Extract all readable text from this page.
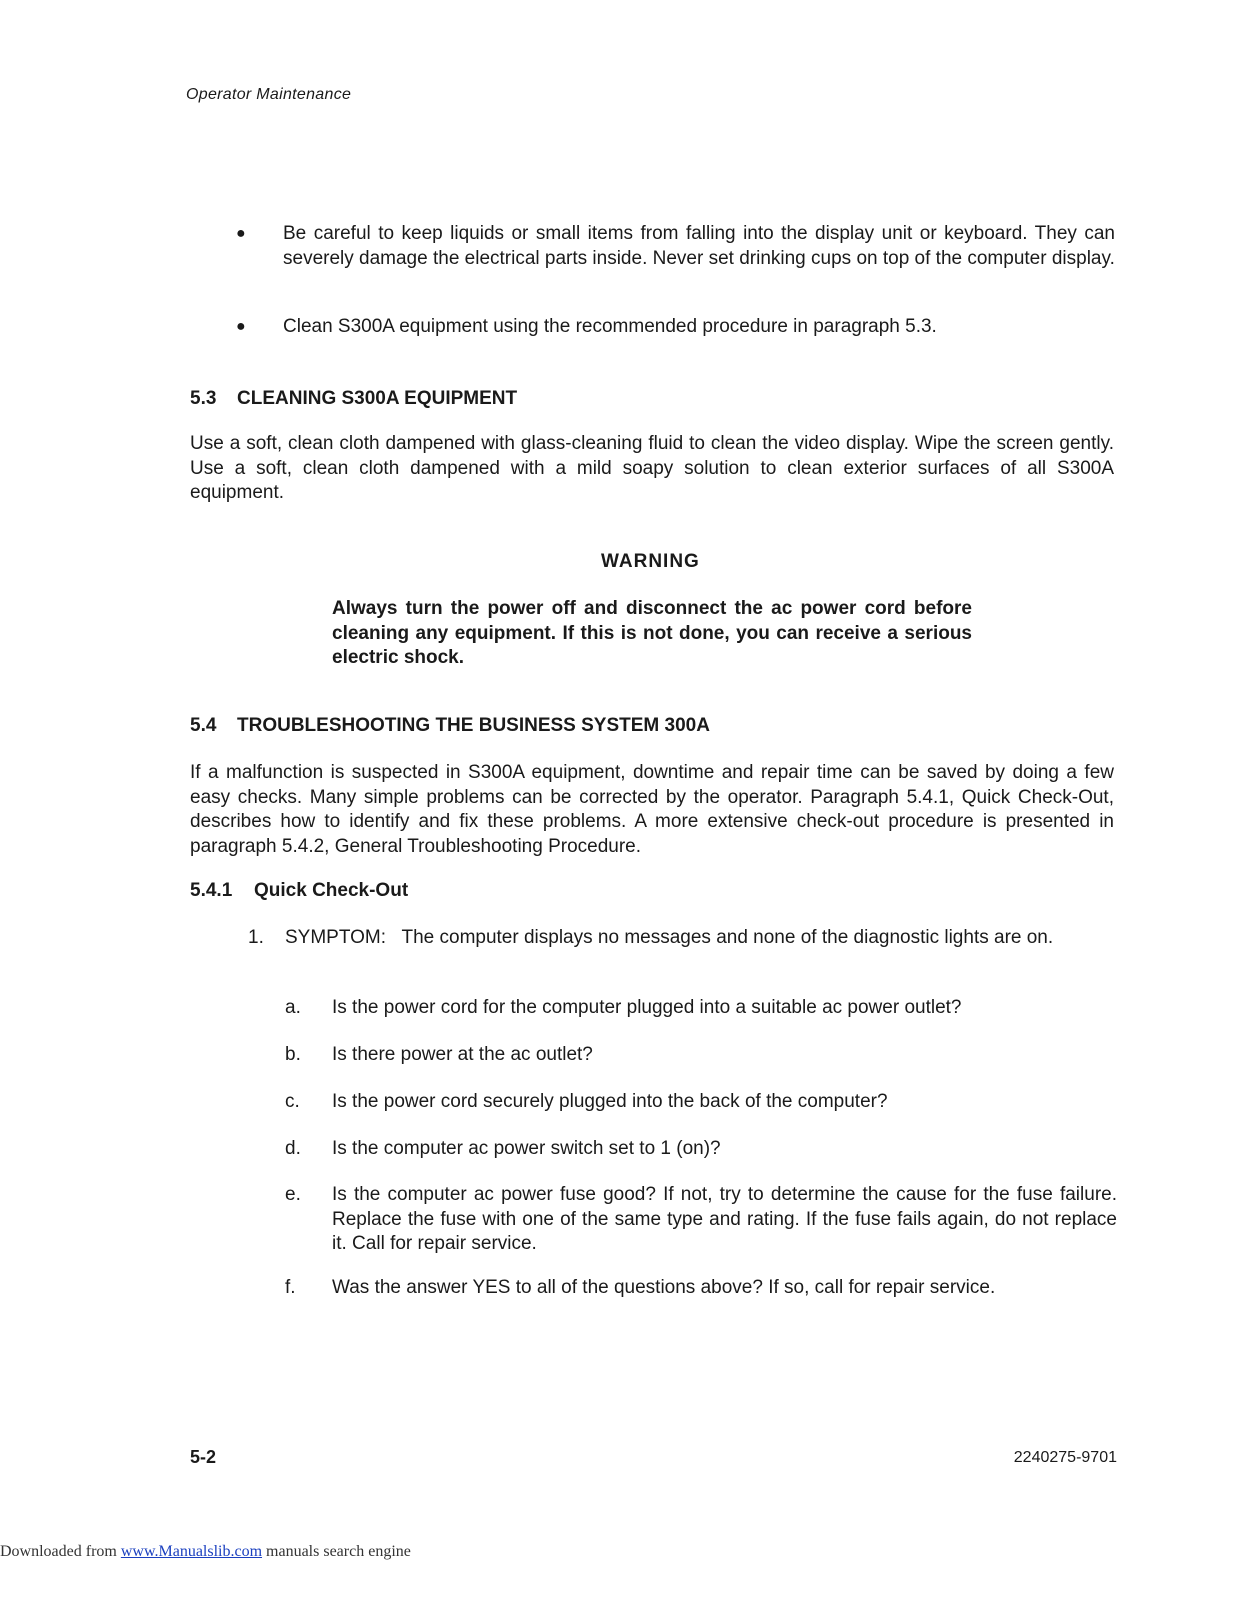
Operator Maintenance
● Be careful to keep liquids or small items from falling into the display unit or keyboard. They can severely damage the electrical parts inside. Never set drinking cups on top of the computer display.
● Clean S300A equipment using the recommended procedure in paragraph 5.3.
5.3 CLEANING S300A EQUIPMENT
Use a soft, clean cloth dampened with glass-cleaning fluid to clean the video display. Wipe the screen gently. Use a soft, clean cloth dampened with a mild soapy solution to clean exterior surfaces of all S300A equipment.
WARNING
Always turn the power off and disconnect the ac power cord before cleaning any equipment. If this is not done, you can receive a serious electric shock.
5.4 TROUBLESHOOTING THE BUSINESS SYSTEM 300A
If a malfunction is suspected in S300A equipment, downtime and repair time can be saved by doing a few easy checks. Many simple problems can be corrected by the operator. Paragraph 5.4.1, Quick Check-Out, describes how to identify and fix these problems. A more extensive check-out procedure is presented in paragraph 5.4.2, General Troubleshooting Procedure.
5.4.1 Quick Check-Out
1. SYMPTOM:   The computer displays no messages and none of the diagnostic lights are on.
a. Is the power cord for the computer plugged into a suitable ac power outlet?
b. Is there power at the ac outlet?
c. Is the power cord securely plugged into the back of the computer?
d. Is the computer ac power switch set to 1 (on)?
e. Is the computer ac power fuse good? If not, try to determine the cause for the fuse failure. Replace the fuse with one of the same type and rating. If the fuse fails again, do not replace it. Call for repair service.
f. Was the answer YES to all of the questions above? If so, call for repair service.
5-2	2240275-9701
Downloaded from www.Manualslib.com manuals search engine
